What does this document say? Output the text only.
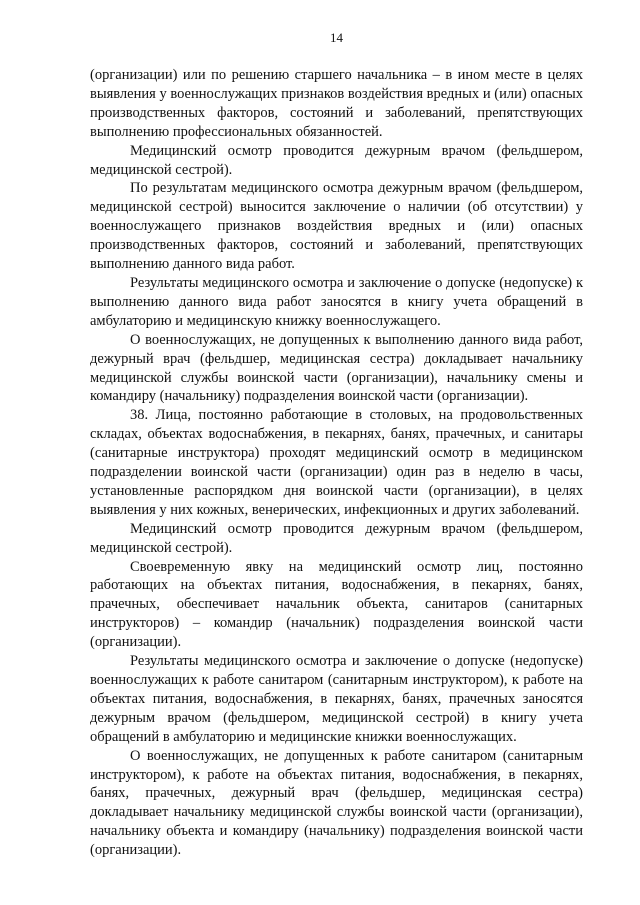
14

(организации) или по решению старшего начальника – в ином месте в целях выявления у военнослужащих признаков воздействия вредных и (или) опасных производственных факторов, состояний и заболеваний, препятствующих выполнению профессиональных обязанностей.

Медицинский осмотр проводится дежурным врачом (фельдшером, медицинской сестрой).

По результатам медицинского осмотра дежурным врачом (фельдшером, медицинской сестрой) выносится заключение о наличии (об отсутствии) у военнослужащего признаков воздействия вредных и (или) опасных производственных факторов, состояний и заболеваний, препятствующих выполнению данного вида работ.

Результаты медицинского осмотра и заключение о допуске (недопуске) к выполнению данного вида работ заносятся в книгу учета обращений в амбулаторию и медицинскую книжку военнослужащего.

О военнослужащих, не допущенных к выполнению данного вида работ, дежурный врач (фельдшер, медицинская сестра) докладывает начальнику медицинской службы воинской части (организации), начальнику смены и командиру (начальнику) подразделения воинской части (организации).

38. Лица, постоянно работающие в столовых, на продовольственных складах, объектах водоснабжения, в пекарнях, банях, прачечных, и санитары (санитарные инструктора) проходят медицинский осмотр в медицинском подразделении воинской части (организации) один раз в неделю в часы, установленные распорядком дня воинской части (организации), в целях выявления у них кожных, венерических, инфекционных и других заболеваний.

Медицинский осмотр проводится дежурным врачом (фельдшером, медицинской сестрой).

Своевременную явку на медицинский осмотр лиц, постоянно работающих на объектах питания, водоснабжения, в пекарнях, банях, прачечных, обеспечивает начальник объекта, санитаров (санитарных инструкторов) – командир (начальник) подразделения воинской части (организации).

Результаты медицинского осмотра и заключение о допуске (недопуске) военнослужащих к работе санитаром (санитарным инструктором), к работе на объектах питания, водоснабжения, в пекарнях, банях, прачечных заносятся дежурным врачом (фельдшером, медицинской сестрой) в книгу учета обращений в амбулаторию и медицинские книжки военнослужащих.

О военнослужащих, не допущенных к работе санитаром (санитарным инструктором), к работе на объектах питания, водоснабжения, в пекарнях, банях, прачечных, дежурный врач (фельдшер, медицинская сестра) докладывает начальнику медицинской службы воинской части (организации), начальнику объекта и командиру (начальнику) подразделения воинской части (организации).
